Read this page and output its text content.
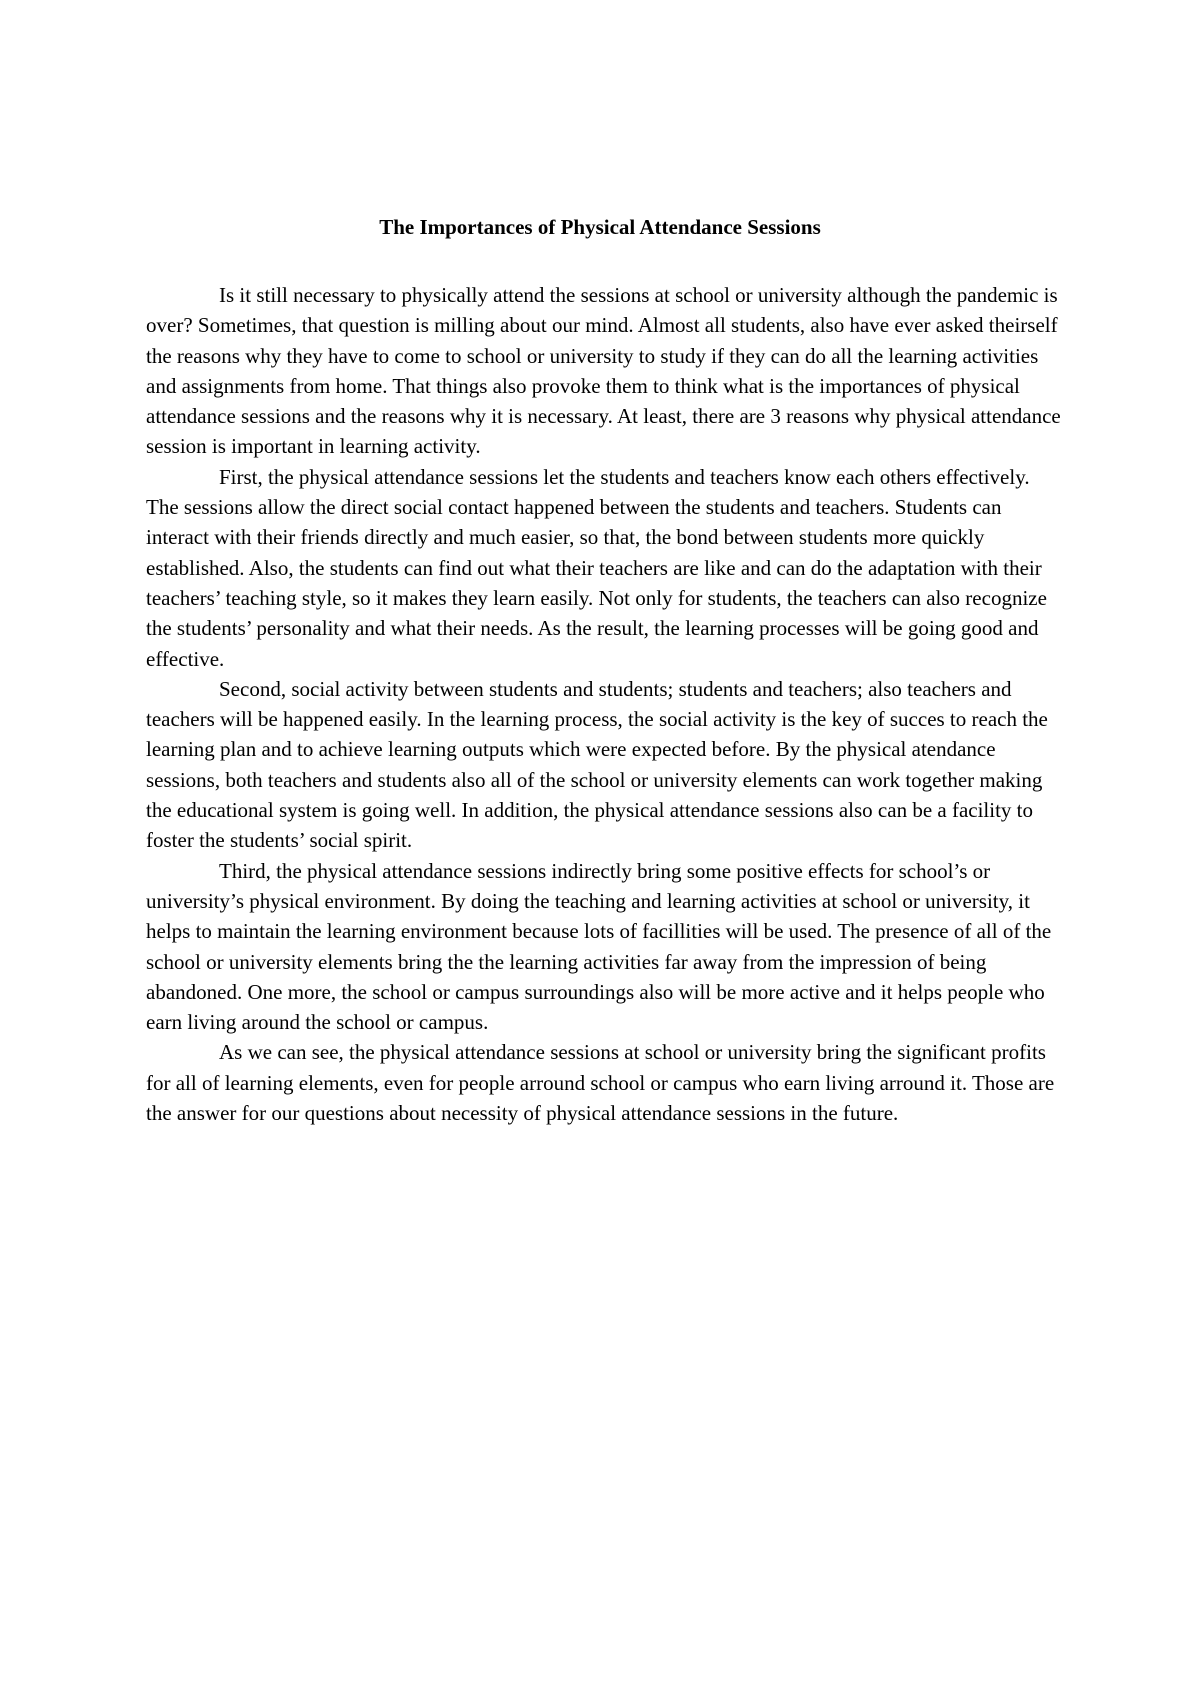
The Importances of Physical Attendance Sessions

Is it still necessary to physically attend the sessions at school or university although the pandemic is over? Sometimes, that question is milling about our mind. Almost all students, also have ever asked theirself the reasons why they have to come to school or university to study if they can do all the learning activities and assignments from home. That things also provoke them to think what is the importances of physical attendance sessions and the reasons why it is necessary. At least, there are 3 reasons why physical attendance session is important in learning activity.

First, the physical attendance sessions let the students and teachers know each others effectively. The sessions allow the direct social contact happened between the students and teachers. Students can interact with their friends directly and much easier, so that, the bond between students more quickly established. Also, the students can find out what their teachers are like and can do the adaptation with their teachers’ teaching style, so it makes they learn easily. Not only for students, the teachers can also recognize the students’ personality and what their needs. As the result, the learning processes will be going good and effective.

Second, social activity between students and students; students and teachers; also teachers and teachers will be happened easily. In the learning process, the social activity is the key of succes to reach the learning plan and to achieve learning outputs which were expected before. By the physical atendance sessions, both teachers and students also all of the school or university elements can work together making the educational system is going well. In addition, the physical attendance sessions also can be a facility to foster the students’ social spirit.

Third, the physical attendance sessions indirectly bring some positive effects for school’s or university’s physical environment. By doing the teaching and learning activities at school or university, it helps to maintain the learning environment because lots of facillities will be used. The presence of all of the school or university elements bring the the learning activities far away from the impression of being abandoned. One more, the school or campus surroundings also will be more active and it helps people who earn living around the school or campus.

As we can see, the physical attendance sessions at school or university bring the significant profits for all of learning elements, even for people arround school or campus who earn living arround it. Those are the answer for our questions about necessity of physical attendance sessions in the future.
